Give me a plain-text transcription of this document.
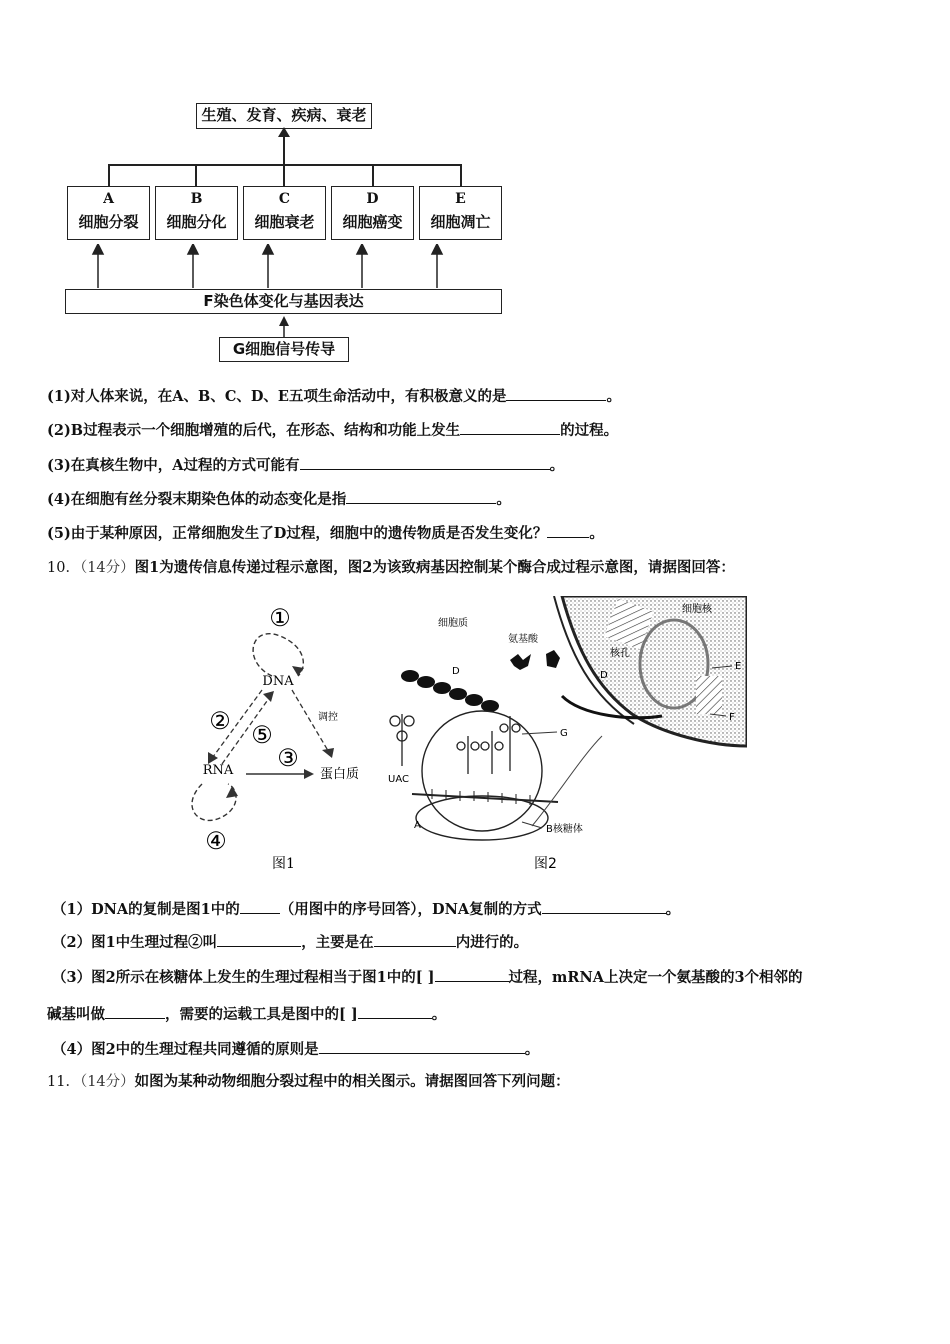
生殖、发育、疾病、衰老
A
细胞分裂
B
细胞分化
C
细胞衰老
D
细胞癌变
E
细胞凋亡
F染色体变化与基因表达
G细胞信号传导
(1)对人体来说，在A、B、C、D、E五项生命活动中，有积极意义的是	。
(2)B过程表示一个细胞增殖的后代，在形态、结构和功能上发生	的过程。
(3)在真核生物中，A过程的方式可能有	。
(4)在细胞有丝分裂末期染色体的动态变化是指	。
(5)由于某种原因，正常细胞发生了D过程，细胞中的遗传物质是否发生变化？	。
10．（14分）图1为遗传信息传递过程示意图，图2为该致病基因控制某个酶合成过程示意图，请据图回答：
①
DNA
调控
② ⑤
③
RNA	蛋白质
④
图1
细胞核
核孔
D
E
F
细胞质
氨基酸
D
UAC
G
A	B核糖体
图2
（1）DNA的复制是图1中的	（用图中的序号回答），DNA复制的方式	。
（2）图1中生理过程②叫	，主要是在	内进行的。
（3）图2所示在核糖体上发生的生理过程相当于图1中的[ ]	过程，mRNA上决定一个氨基酸的3个相邻的
碱基叫做	，需要的运载工具是图中的[ ]	。
（4）图2中的生理过程共同遵循的原则是	。
11．（14分）如图为某种动物细胞分裂过程中的相关图示。请据图回答下列问题：
